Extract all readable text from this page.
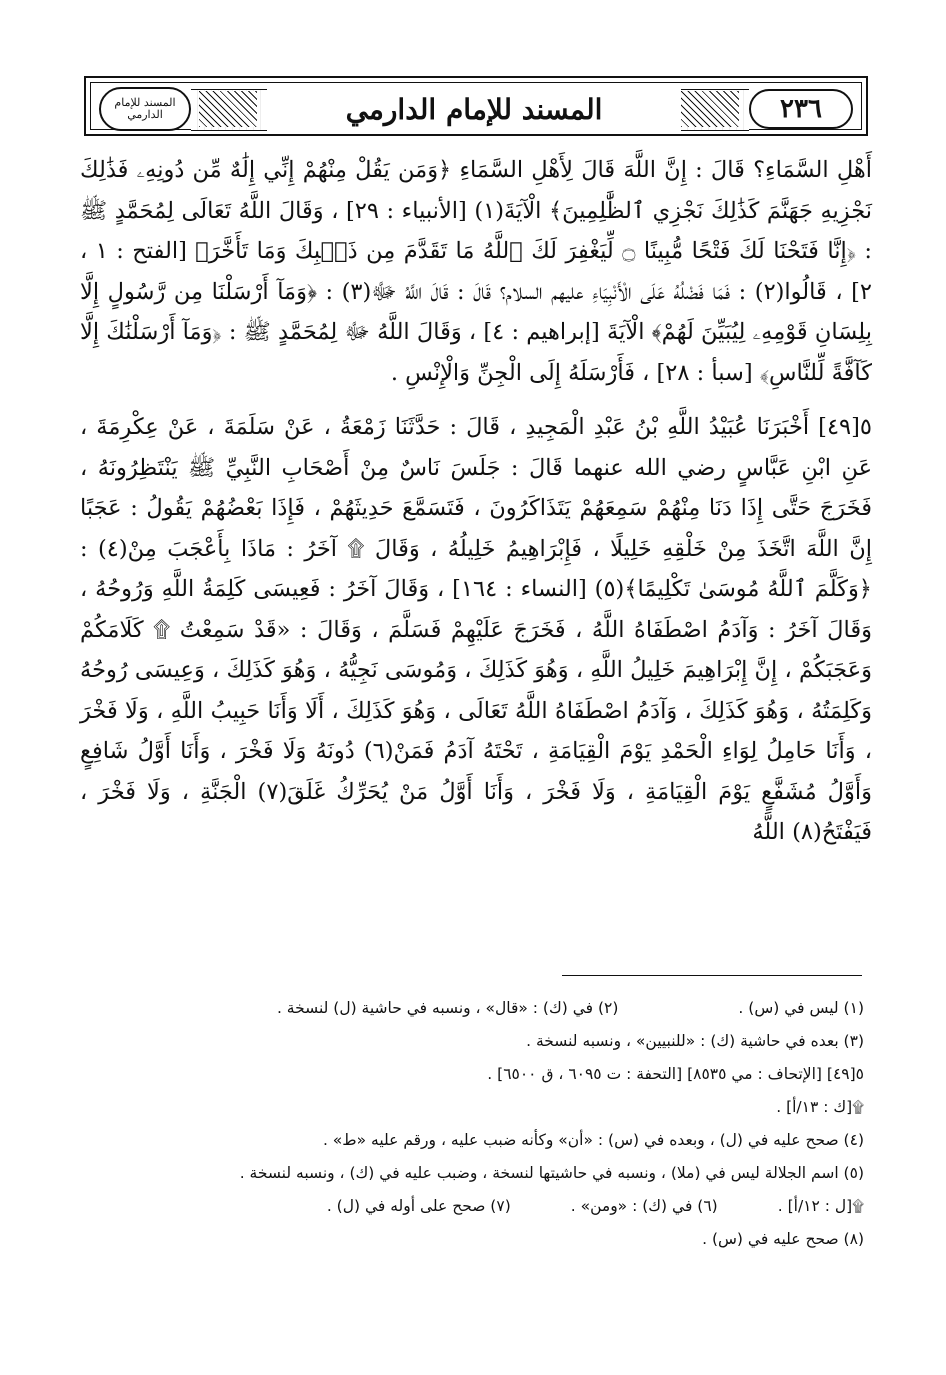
٢٣٦
المسند للإمام الدارمي
المسند للإمام الدارمي

أَهْلِ السَّمَاءِ؟ قَالَ : إِنَّ اللَّهَ قَالَ لِأَهْلِ السَّمَاءِ ﴿وَمَن يَقُلْ مِنْهُمْ إِنِّي إِلَٰهٌ مِّن دُونِهِۦ فَذَٰلِكَ نَجْزِيهِ جَهَنَّمَ كَذَٰلِكَ نَجْزِي ٱلظَّٰلِمِينَ﴾ الْآيَةَ(١) [الأنبياء : ٢٩] ، وَقَالَ اللَّهُ تَعَالَى لِمُحَمَّدٍ ﷺ : ﴿إِنَّا فَتَحْنَا لَكَ فَتْحًا مُّبِينًا ۝ لِّيَغْفِرَ لَكَ ٱللَّهُ مَا تَقَدَّمَ مِن ذَنۢبِكَ وَمَا تَأَخَّرَ﴾ [الفتح : ١ ، ٢] ، قَالُوا(٢) : فَمَا فَضْلُهُ عَلَى الْأَنْبِيَاءِ عليهم السلام؟ قَالَ : قَالَ اللَّهُ ﷻ(٣) : ﴿وَمَآ أَرْسَلْنَا مِن رَّسُولٍ إِلَّا بِلِسَانِ قَوْمِهِۦ لِيُبَيِّنَ لَهُمْ﴾ الْآيَةَ [إبراهيم : ٤] ، وَقَالَ اللَّهُ ﷻ لِمُحَمَّدٍ ﷺ : ﴿وَمَآ أَرْسَلْنَٰكَ إِلَّا كَآفَّةً لِّلنَّاسِ﴾ [سبأ : ٢٨] ، فَأَرْسَلَهُ إِلَى الْجِنِّ وَالْإِنْسِ .

٥[٤٩] أَخْبَرَنَا عُبَيْدُ اللَّهِ بْنُ عَبْدِ الْمَجِيدِ ، قَالَ : حَدَّثَنَا زَمْعَةُ ، عَنْ سَلَمَةَ ، عَنْ عِكْرِمَةَ ، عَنِ ابْنِ عَبَّاسٍ رضي الله عنهما قَالَ : جَلَسَ نَاسٌ مِنْ أَصْحَابِ النَّبِيِّ ﷺ يَنْتَظِرُونَهُ ، فَخَرَجَ حَتَّى إِذَا دَنَا مِنْهُمْ سَمِعَهُمْ يَتَذَاكَرُونَ ، فَتَسَمَّعَ حَدِيثَهُمْ ، فَإِذَا بَعْضُهُمْ يَقُولُ : عَجَبًا إِنَّ اللَّهَ اتَّخَذَ مِنْ خَلْقِهِ خَلِيلًا ، فَإِبْرَاهِيمُ خَلِيلُهُ ، وَقَالَ ۩ آخَرُ : مَاذَا بِأَعْجَبَ مِنْ(٤) : ﴿وَكَلَّمَ ٱللَّهُ مُوسَىٰ تَكْلِيمًا﴾(٥) [النساء : ١٦٤] ، وَقَالَ آخَرُ : فَعِيسَى كَلِمَةُ اللَّهِ وَرُوحُهُ ، وَقَالَ آخَرُ : وَآدَمُ اصْطَفَاهُ اللَّهُ ، فَخَرَجَ عَلَيْهِمْ فَسَلَّمَ ، وَقَالَ : «قَدْ سَمِعْتُ ۩ كَلَامَكُمْ وَعَجَبَكُمْ ، إِنَّ إِبْرَاهِيمَ خَلِيلُ اللَّهِ ، وَهُوَ كَذَلِكَ ، وَمُوسَى نَجِيُّهُ ، وَهُوَ كَذَلِكَ ، وَعِيسَى رُوحُهُ وَكَلِمَتُهُ ، وَهُوَ كَذَلِكَ ، وَآدَمُ اصْطَفَاهُ اللَّهُ تَعَالَى ، وَهُوَ كَذَلِكَ ، أَلَا وَأَنَا حَبِيبُ اللَّهِ ، وَلَا فَخْرَ ، وَأَنَا حَامِلُ لِوَاءِ الْحَمْدِ يَوْمَ الْقِيَامَةِ ، تَحْتَهُ آدَمُ فَمَنْ(٦) دُونَهُ وَلَا فَخْرَ ، وَأَنَا أَوَّلُ شَافِعٍ وَأَوَّلُ مُشَفَّعٍ يَوْمَ الْقِيَامَةِ ، وَلَا فَخْرَ ، وَأَنَا أَوَّلُ مَنْ يُحَرِّكُ غَلَقَ(٧) الْجَنَّةِ ، وَلَا فَخْرَ ، فَيَفْتَحُ(٨) اللَّهُ

(١) ليس في (س) .

(٢) في (ك) : «قال» ، ونسبه في حاشية (ل) لنسخة .

(٣) بعده في حاشية (ك) : «للنبيين» ، ونسبه لنسخة .

٥[٤٩] [الإتحاف : مي ٨٥٣٥] [التحفة : ت ٦٠٩٥ ، ق ٦٥٠٠] .

۩[ك : ١٣/أ] .

(٤) صحح عليه في (ل) ، وبعده في (س) : «أن» وكأنه ضبب عليه ، ورقم عليه «ط» .

(٥) اسم الجلالة ليس في (ملا) ، ونسبه في حاشيتها لنسخة ، وضبب عليه في (ك) ، ونسبه لنسخة .

۩[ل : ١٢/أ] .

(٦) في (ك) : «ومن» .

(٧) صحح على أوله في (ل) .

(٨) صحح عليه في (س) .
